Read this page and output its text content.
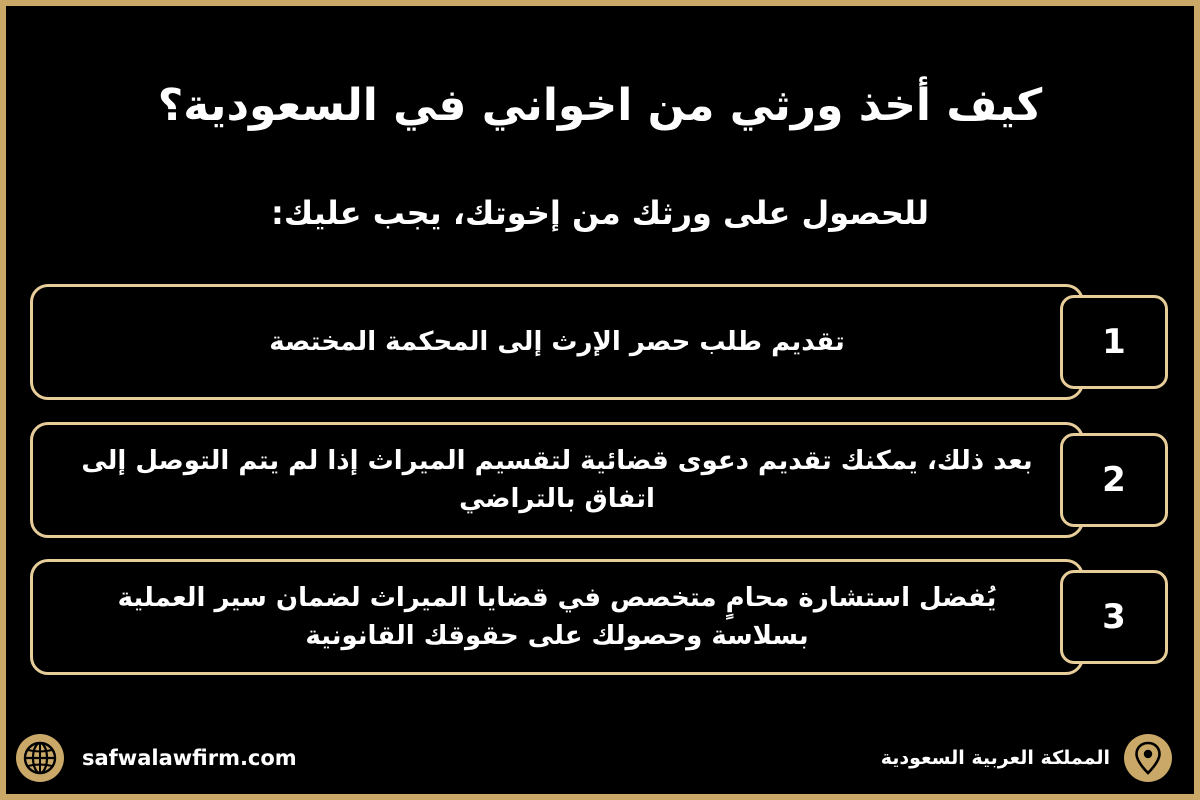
كيف أخذ ورثي من اخواني في السعودية؟
للحصول على ورثك من إخوتك، يجب عليك:
تقديم طلب حصر الإرث إلى المحكمة المختصة	1
بعد ذلك، يمكنك تقديم دعوى قضائية لتقسيم الميراث إذا لم يتم التوصل إلى اتفاق بالتراضي	2
يُفضل استشارة محامٍ متخصص في قضايا الميراث لضمان سير العملية بسلاسة وحصولك على حقوقك القانونية	3
safwalawfirm.com	المملكة العربية السعودية
